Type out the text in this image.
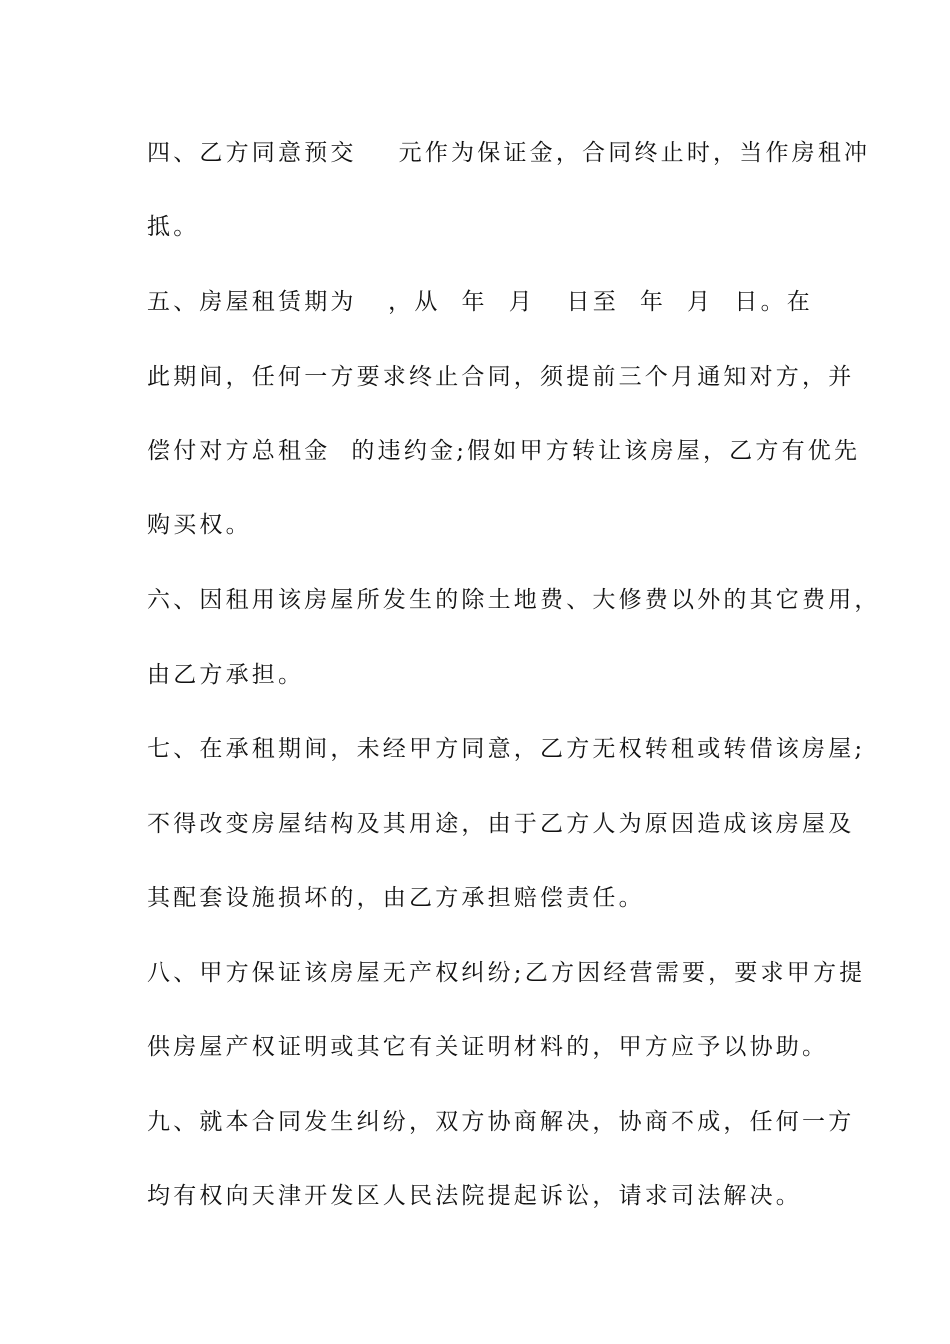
四、乙方同意预交    元作为保证金，合同终止时，当作房租冲
抵。
五、房屋租赁期为   ，从  年  月   日至  年  月  日。在
此期间，任何一方要求终止合同，须提前三个月通知对方，并
偿付对方总租金  的违约金;假如甲方转让该房屋，乙方有优先
购买权。
六、因租用该房屋所发生的除土地费、大修费以外的其它费用，
由乙方承担。
七、在承租期间，未经甲方同意，乙方无权转租或转借该房屋;
不得改变房屋结构及其用途，由于乙方人为原因造成该房屋及
其配套设施损坏的，由乙方承担赔偿责任。
八、甲方保证该房屋无产权纠纷;乙方因经营需要，要求甲方提
供房屋产权证明或其它有关证明材料的，甲方应予以协助。
九、就本合同发生纠纷，双方协商解决，协商不成，任何一方
均有权向天津开发区人民法院提起诉讼，请求司法解决。
